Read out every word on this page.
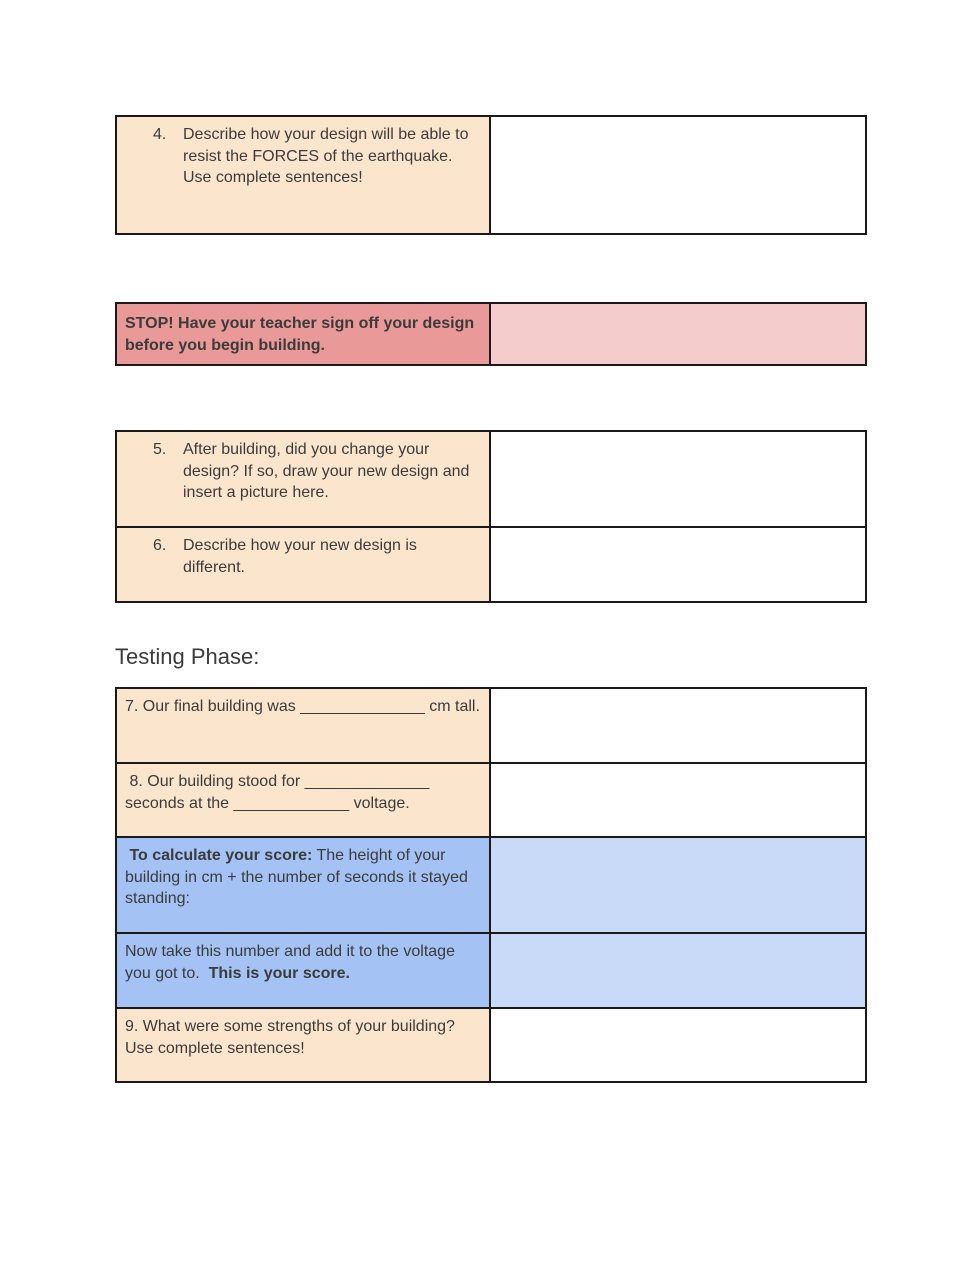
4.	Describe how your design will be able to resist the FORCES of the earthquake. Use complete sentences!

STOP! Have your teacher sign off your design before you begin building.	
5. After building, did you change your design? If so, draw your new design and insert a picture here.	

6. Describe how your new design is different.	

Testing Phase:
7. Our final building was ______________ cm tall.	
8. Our building stood for ______________ seconds at the _____________ voltage.	
To calculate your score: The height of your building in cm + the number of seconds it stayed standing:	
Now take this number and add it to the voltage you got to.  This is your score.	
9. What were some strengths of your building? Use complete sentences!	
